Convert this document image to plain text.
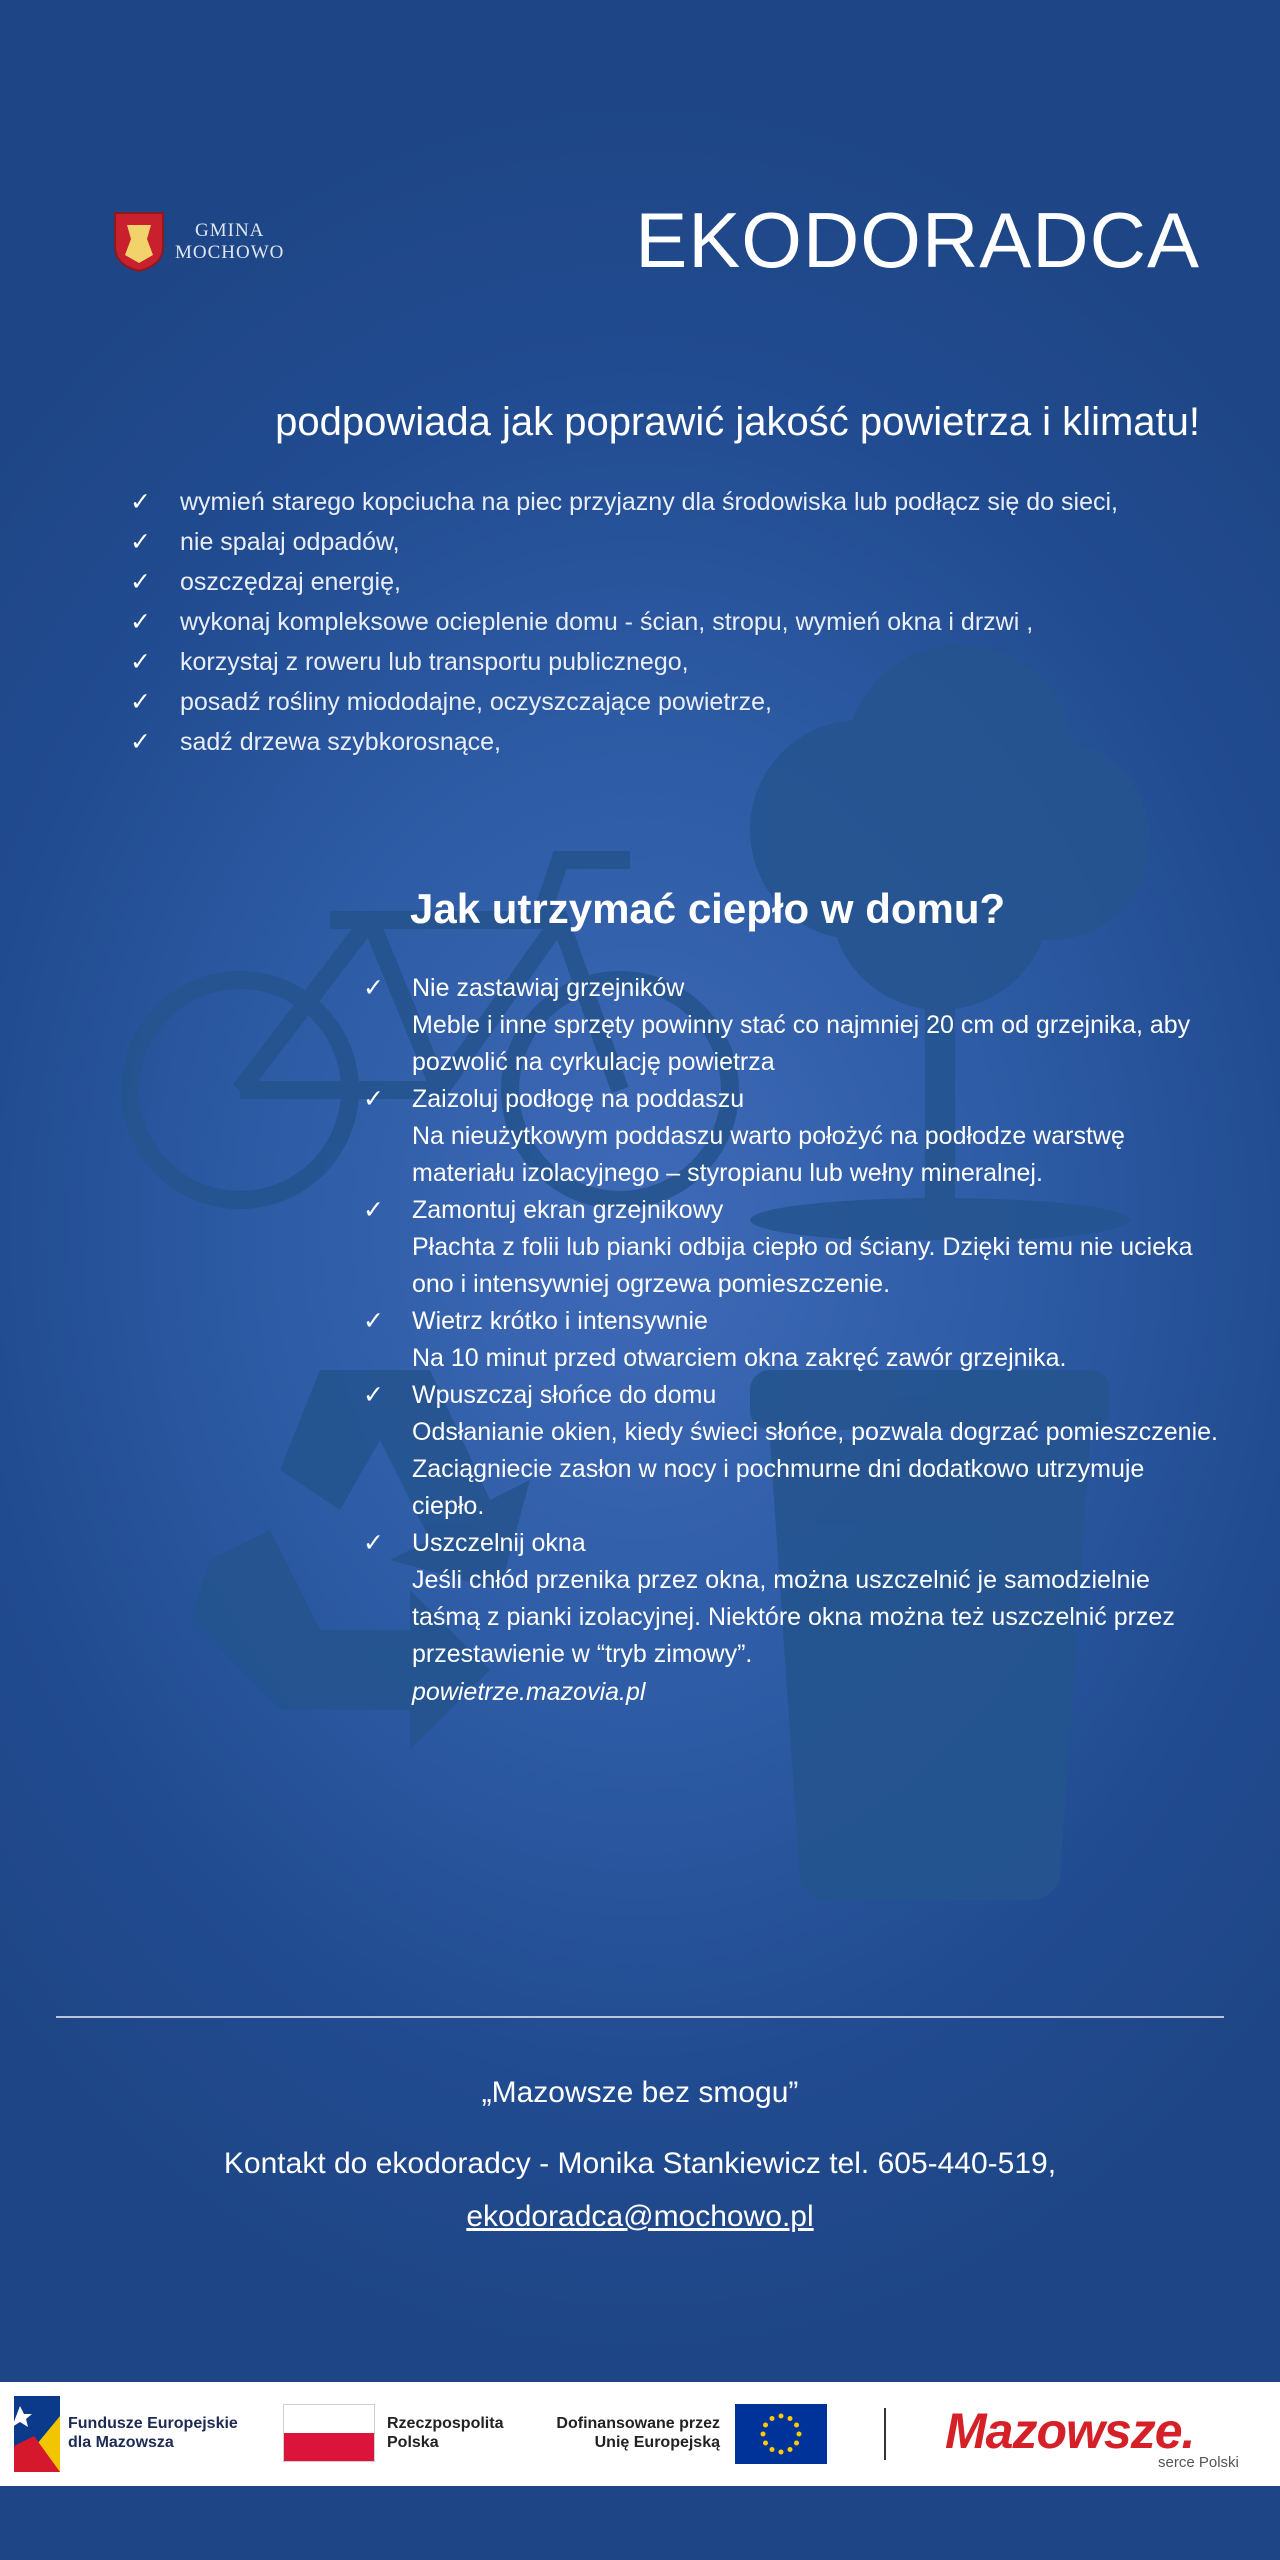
GMINA
MOCHOWO	EKODORADCA
podpowiada jak poprawić jakość powietrza i klimatu!
✓ wymień starego kopciucha na piec przyjazny dla środowiska lub podłącz się do sieci,
✓ nie spalaj odpadów,
✓ oszczędzaj energię,
✓ wykonaj kompleksowe ocieplenie domu - ścian, stropu, wymień okna i drzwi ,
✓ korzystaj z roweru lub transportu publicznego,
✓ posadź rośliny miododajne, oczyszczające powietrze,
✓ sadź drzewa szybkorosnące,
Jak utrzymać ciepło w domu?
✓ Nie zastawiaj grzejników
Meble i inne sprzęty powinny stać co najmniej 20 cm od grzejnika, aby pozwolić na cyrkulację powietrza
✓ Zaizoluj podłogę na poddaszu
Na nieużytkowym poddaszu warto położyć na podłodze warstwę materiału izolacyjnego – styropianu lub wełny mineralnej.
✓ Zamontuj ekran grzejnikowy
Płachta z folii lub pianki odbija ciepło od ściany. Dzięki temu nie ucieka ono i intensywniej ogrzewa pomieszczenie.
✓ Wietrz krótko i intensywnie
Na 10 minut przed otwarciem okna zakręć zawór grzejnika.
✓ Wpuszczaj słońce do domu
Odsłanianie okien, kiedy świeci słońce, pozwala dogrzać pomieszczenie. Zaciągniecie zasłon w nocy i pochmurne dni dodatkowo utrzymuje ciepło.
✓ Uszczelnij okna
Jeśli chłód przenika przez okna, można uszczelnić je samodzielnie taśmą z pianki izolacyjnej. Niektóre okna można też uszczelnić przez przestawienie w “tryb zimowy”.
powietrze.mazovia.pl
„Mazowsze bez smogu”
Kontakt do ekodoradcy - Monika Stankiewicz tel. 605-440-519,
ekodoradca@mochowo.pl
Fundusze Europejskie
dla Mazowsza
Rzeczpospolita
Polska
Dofinansowane przez
Unię Europejską	Mazowsze.
serce Polski
